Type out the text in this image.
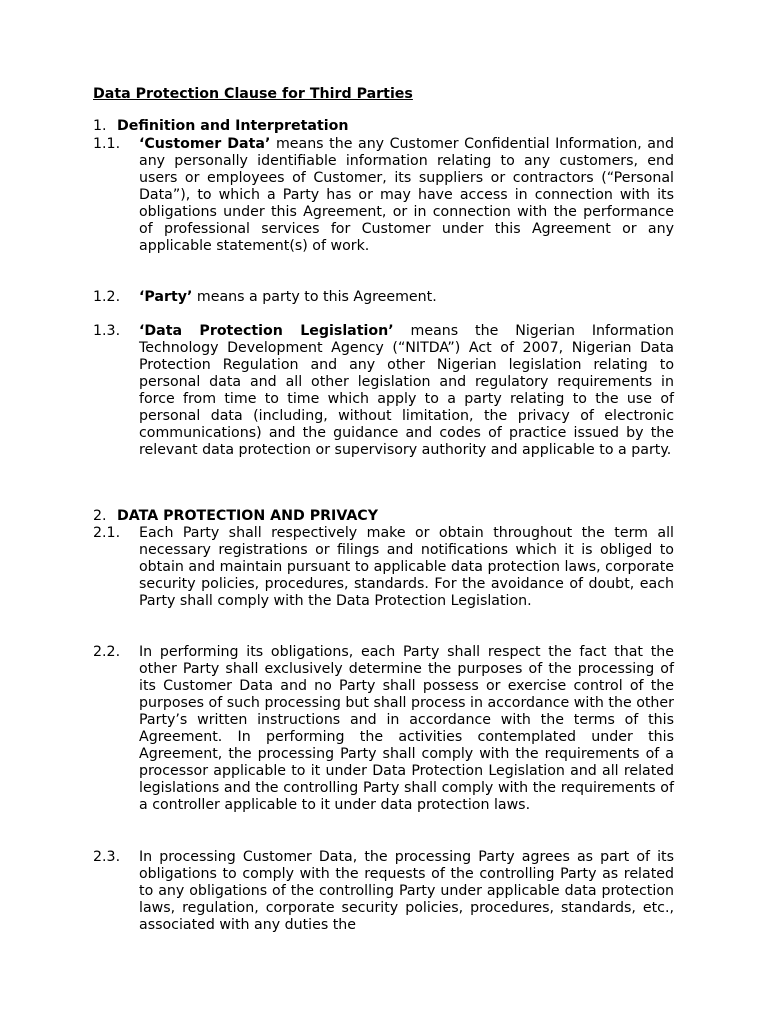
Data Protection Clause for Third Parties
1. Definition and Interpretation
1.1. ‘Customer Data’ means the any Customer Confidential Information, and any personally identifiable information relating to any customers, end users or employees of Customer, its suppliers or contractors (“Personal Data”), to which a Party has or may have access in connection with its obligations under this Agreement, or in connection with the performance of professional services for Customer under this Agreement or any applicable statement(s) of work.
1.2. ‘Party’ means a party to this Agreement.
1.3. ‘Data Protection Legislation’ means the Nigerian Information Technology Development Agency (“NITDA”) Act of 2007, Nigerian Data Protection Regulation and any other Nigerian legislation relating to personal data and all other legislation and regulatory requirements in force from time to time which apply to a party relating to the use of personal data (including, without limitation, the privacy of electronic communications) and the guidance and codes of practice issued by the relevant data protection or supervisory authority and applicable to a party.
2. DATA PROTECTION AND PRIVACY
2.1. Each Party shall respectively make or obtain throughout the term all necessary registrations or filings and notifications which it is obliged to obtain and maintain pursuant to applicable data protection laws, corporate security policies, procedures, standards. For the avoidance of doubt, each Party shall comply with the Data Protection Legislation.
2.2. In performing its obligations, each Party shall respect the fact that the other Party shall exclusively determine the purposes of the processing of its Customer Data and no Party shall possess or exercise control of the purposes of such processing but shall process in accordance with the other Party’s written instructions and in accordance with the terms of this Agreement. In performing the activities contemplated under this Agreement, the processing Party shall comply with the requirements of a processor applicable to it under Data Protection Legislation and all related legislations and the controlling Party shall comply with the requirements of a controller applicable to it under data protection laws.
2.3. In processing Customer Data, the processing Party agrees as part of its obligations to comply with the requests of the controlling Party as related to any obligations of the controlling Party under applicable data protection laws, regulation, corporate security policies, procedures, standards, etc., associated with any duties the
